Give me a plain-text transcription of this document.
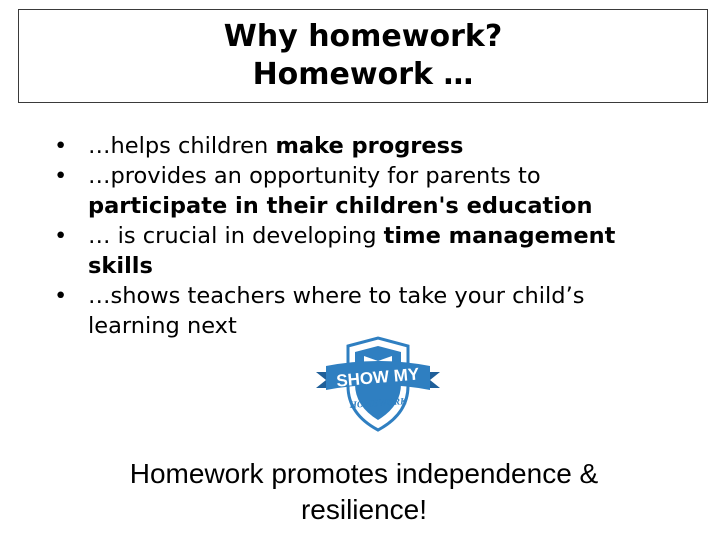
Why homework?
Homework …
• …helps children make progress
• …provides an opportunity for parents to participate in their children's education
• … is crucial in developing time management skills
• …shows teachers where to take your child’s learning next
SHOW MY
HOMEWORK
Homework promotes independence & resilience!
